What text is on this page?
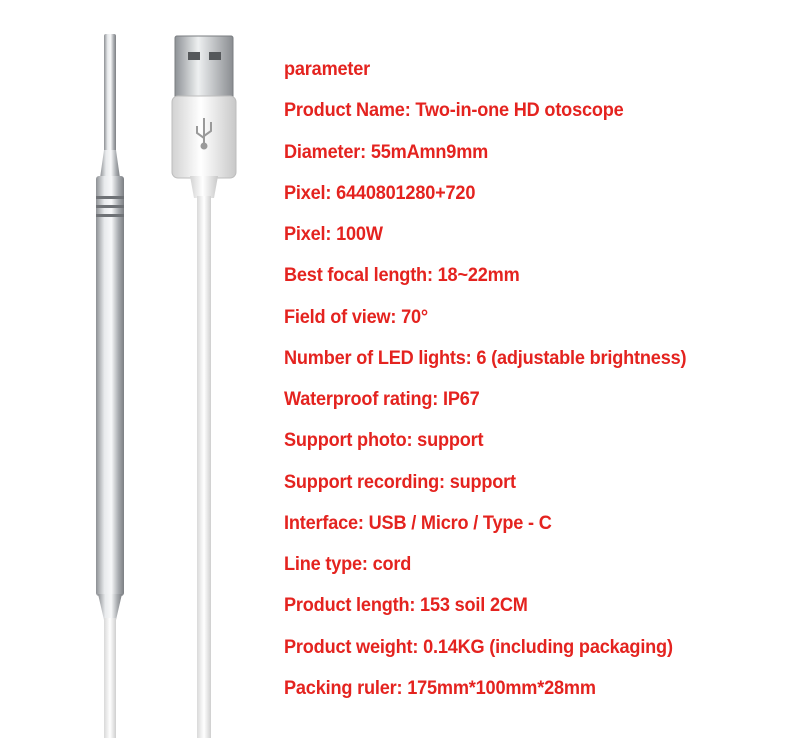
parameter
Product Name: Two-in-one HD otoscope
Diameter: 55mAmn9mm
Pixel: 6440801280+720
Pixel: 100W
Best focal length: 18~22mm
Field of view: 70°
Number of LED lights: 6 (adjustable brightness)
Waterproof rating: IP67
Support photo: support
Support recording: support
Interface: USB / Micro / Type - C
Line type: cord
Product length: 153 soil 2CM
Product weight: 0.14KG (including packaging)
Packing ruler: 175mm*100mm*28mm
